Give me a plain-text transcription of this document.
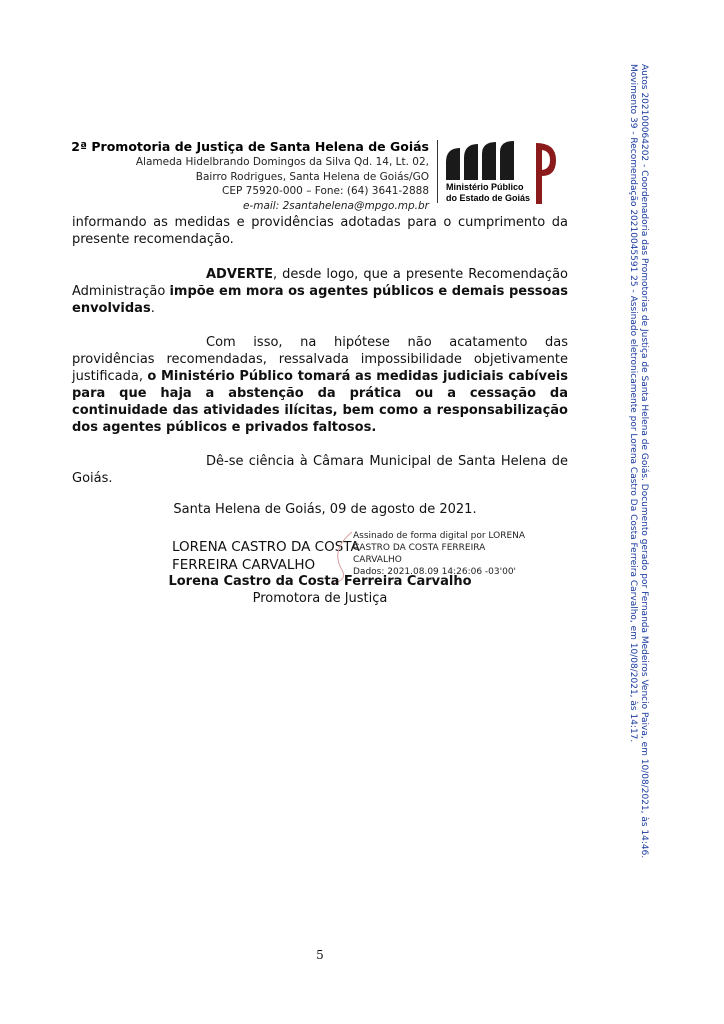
2ª Promotoria de Justiça de Santa Helena de Goiás
Alameda Hidelbrando Domingos da Silva Qd. 14, Lt. 02,
Bairro Rodrigues, Santa Helena de Goiás/GO
CEP 75920-000 – Fone: (64) 3641-2888
e-mail: 2santahelena@mpgo.mp.br
Ministério Público
do Estado de Goiás
informando as medidas e providências adotadas para o cumprimento da presente recomendação.
ADVERTE, desde logo, que a presente Recomendação Administração impõe em mora os agentes públicos e demais pessoas envolvidas.
Com isso, na hipótese não acatamento das providências recomendadas, ressalvada impossibilidade objetivamente justificada, o Ministério Público tomará as medidas judiciais cabíveis para que haja a abstenção da prática ou a cessação da continuidade das atividades ilícitas, bem como a responsabilização dos agentes públicos e privados faltosos.
Dê-se ciência à Câmara Municipal de Santa Helena de Goiás.
Santa Helena de Goiás, 09 de agosto de 2021.
LORENA CASTRO DA COSTA
FERREIRA CARVALHO
Assinado de forma digital por LORENA
CASTRO DA COSTA FERREIRA
CARVALHO
Dados: 2021.08.09 14:26:06 -03'00'
Lorena Castro da Costa Ferreira Carvalho
Promotora de Justiça
5
Autos 202100064202 - Coordenadoria das Promotorias de Justiça de Santa Helena de Goiás. Documento gerado por Fernanda Medeiros Vencio Paiva, em 10/08/2021, às 14:46.
Movimento 39 - Recomendação 20210045591 25 - Assinado eletronicamente por Lorena Castro Da Costa Ferreira Carvalho, em 10/08/2021, às 14:17.
